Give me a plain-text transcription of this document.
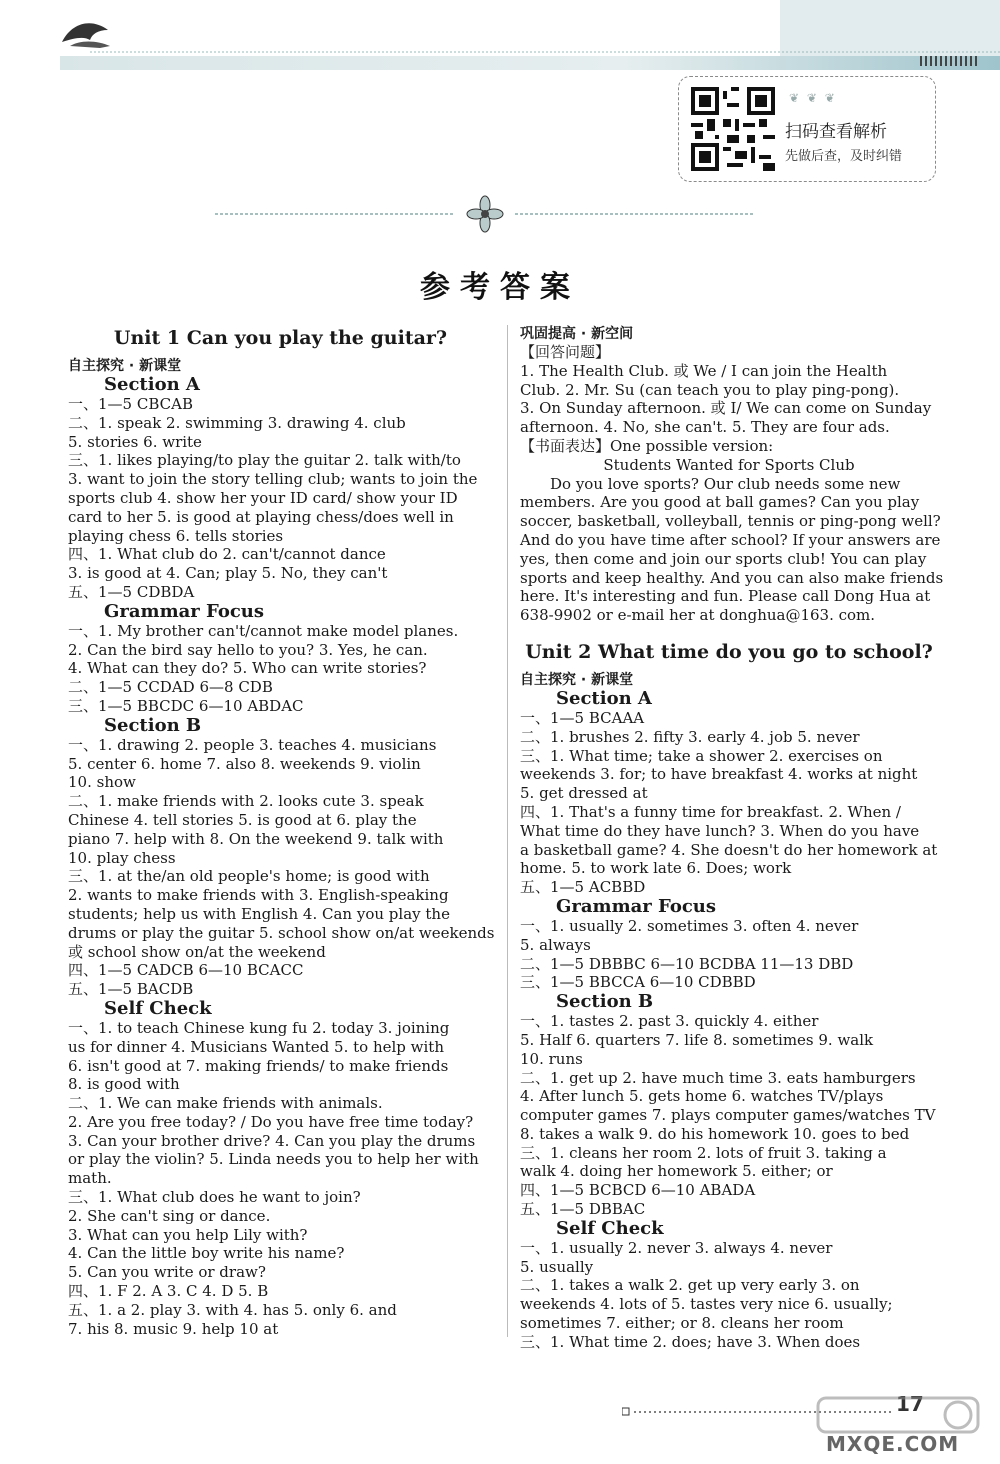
❦ ❦ ❦
扫码查看解析
先做后查，及时纠错
参考答案
Unit 1 Can you play the guitar?
自主探究 · 新课堂
Section A
一、1—5 CBCAB
二、1. speak 2. swimming 3. drawing 4. club
5. stories 6. write
三、1. likes playing/to play the guitar 2. talk with/to
3. want to join the story telling club; wants to join the
sports club 4. show her your ID card/ show your ID
card to her 5. is good at playing chess/does well in
playing chess 6. tells stories
四、1. What club do 2. can't/cannot dance
3. is good at 4. Can; play 5. No, they can't
五、1—5 CDBDA
Grammar Focus
一、1. My brother can't/cannot make model planes.
2. Can the bird say hello to you? 3. Yes, he can.
4. What can they do? 5. Who can write stories?
二、1—5 CCDAD 6—8 CDB
三、1—5 BBCDC 6—10 ABDAC
Section B
一、1. drawing 2. people 3. teaches 4. musicians
5. center 6. home 7. also 8. weekends 9. violin
10. show
二、1. make friends with 2. looks cute 3. speak
Chinese 4. tell stories 5. is good at 6. play the
piano 7. help with 8. On the weekend 9. talk with
10. play chess
三、1. at the/an old people's home; is good with
2. wants to make friends with 3. English-speaking
students; help us with English 4. Can you play the
drums or play the guitar 5. school show on/at weekends
或 school show on/at the weekend
四、1—5 CADCB 6—10 BCACC
五、1—5 BACDB
Self Check
一、1. to teach Chinese kung fu 2. today 3. joining
us for dinner 4. Musicians Wanted 5. to help with
6. isn't good at 7. making friends/ to make friends
8. is good with
二、1. We can make friends with animals.
2. Are you free today? / Do you have free time today?
3. Can your brother drive? 4. Can you play the drums
or play the violin? 5. Linda needs you to help her with
math.
三、1. What club does he want to join?
2. She can't sing or dance.
3. What can you help Lily with?
4. Can the little boy write his name?
5. Can you write or draw?
四、1. F 2. A 3. C 4. D 5. B
五、1. a 2. play 3. with 4. has 5. only 6. and
7. his 8. music 9. help 10 at
巩固提高 · 新空间
【回答问题】
1. The Health Club. 或 We / I can join the Health
Club. 2. Mr. Su (can teach you to play ping-pong).
3. On Sunday afternoon. 或 I/ We can come on Sunday
afternoon. 4. No, she can't. 5. They are four ads.
【书面表达】One possible version:
Students Wanted for Sports Club
Do you love sports? Our club needs some new
members. Are you good at ball games? Can you play
soccer, basketball, volleyball, tennis or ping-pong well?
And do you have time after school? If your answers are
yes, then come and join our sports club! You can play
sports and keep healthy. And you can also make friends
here. It's interesting and fun. Please call Dong Hua at
638-9902 or e-mail her at donghua@163. com.
Unit 2 What time do you go to school?
自主探究 · 新课堂
Section A
一、1—5 BCAAA
二、1. brushes 2. fifty 3. early 4. job 5. never
三、1. What time; take a shower 2. exercises on
weekends 3. for; to have breakfast 4. works at night
5. get dressed at
四、1. That's a funny time for breakfast. 2. When /
What time do they have lunch? 3. When do you have
a basketball game? 4. She doesn't do her homework at
home. 5. to work late 6. Does; work
五、1—5 ACBBD
Grammar Focus
一、1. usually 2. sometimes 3. often 4. never
5. always
二、1—5 DBBBC 6—10 BCDBA 11—13 DBD
三、1—5 BBCCA 6—10 CDBBD
Section B
一、1. tastes 2. past 3. quickly 4. either
5. Half 6. quarters 7. life 8. sometimes 9. walk
10. runs
二、1. get up 2. have much time 3. eats hamburgers
4. After lunch 5. gets home 6. watches TV/plays
computer games 7. plays computer games/watches TV
8. takes a walk 9. do his homework 10. goes to bed
三、1. cleans her room 2. lots of fruit 3. taking a
walk 4. doing her homework 5. either; or
四、1—5 BCBCD 6—10 ABADA
五、1—5 DBBAC
Self Check
一、1. usually 2. never 3. always 4. never
5. usually
二、1. takes a walk 2. get up very early 3. on
weekends 4. lots of 5. tastes very nice 6. usually;
sometimes 7. either; or 8. cleans her room
三、1. What time 2. does; have 3. When does
17
MXQE.COM
